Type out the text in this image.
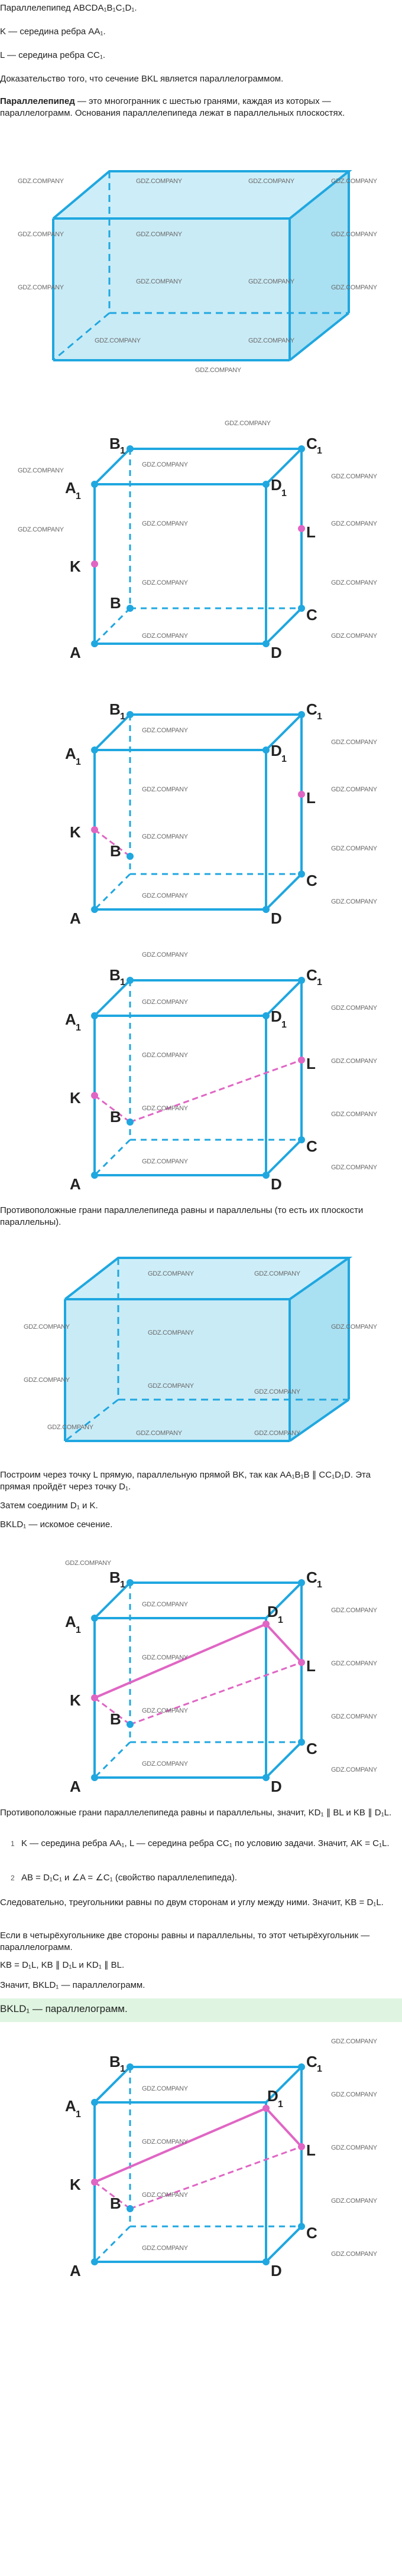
Параллелепипед ABCDA₁B₁C₁D₁.
K — середина ребра AA₁.
L — середина ребра CC₁.
Доказательство того, что сечение BKL является параллелограммом.
Параллелепипед — это многогранник с шестью гранями, каждая из которых — параллелограмм. Основания параллелепипеда лежат в параллельных плоскостях.
GDZ.COMPANY	GDZ.COMPANY	GDZ.COMPANY	GDZ.COMPANY
GDZ.COMPANY	GDZ.COMPANY	GDZ.COMPANY
GDZ.COMPANY
GDZ.COMPANY	GDZ.COMPANY
GDZ.COMPANY
GDZ.COMPANY	GDZ.COMPANY
GDZ.COMPANY
B 1	C 1
A 1
D 1
L
K
B
C
A	D
GDZ.COMPANY
GDZ.COMPANY
GDZ.COMPANY
GDZ.COMPANY
GDZ.COMPANY
GDZ.COMPANY	GDZ.COMPANY
GDZ.COMPANY	GDZ.COMPANY
GDZ.COMPANY	GDZ.COMPANY
B 1	C 1
A 1
D 1
L
K
B
C
A	D
GDZ.COMPANY
GDZ.COMPANY
GDZ.COMPANY	GDZ.COMPANY
GDZ.COMPANY
GDZ.COMPANY
GDZ.COMPANY
GDZ.COMPANY
B 1	C 1
A 1
D 1
L
K
B
C
A	D
GDZ.COMPANY
GDZ.COMPANY
GDZ.COMPANY
GDZ.COMPANY
GDZ.COMPANY
GDZ.COMPANY
GDZ.COMPANY
GDZ.COMPANY
GDZ.COMPANY
Противоположные грани параллелепипеда равны и параллельны (то есть их плоскости параллельны).
GDZ.COMPANY	GDZ.COMPANY
GDZ.COMPANY
GDZ.COMPANY
GDZ.COMPANY
GDZ.COMPANY
GDZ.COMPANY
GDZ.COMPANY
GDZ.COMPANY
GDZ.COMPANY	GDZ.COMPANY
Построим через точку L прямую, параллельную прямой BK, так как AA₁B₁B ∥ CC₁D₁D. Эта прямая пройдёт через точку D₁.
Затем соединим D₁ и K.
BKLD₁ — искомое сечение.
B 1	C 1
A 1
D 1
L
K
B
C
A	D
GDZ.COMPANY
GDZ.COMPANY
GDZ.COMPANY
GDZ.COMPANY
GDZ.COMPANY
GDZ.COMPANY
GDZ.COMPANY
GDZ.COMPANY
GDZ.COMPANY
Противоположные грани параллелепипеда равны и параллельны, значит, KD₁ ∥ BL и KB ∥ D₁L.
1 K — середина ребра AA₁, L — середина ребра CC₁ по условию задачи. Значит, AK = C₁L.
2 AB = D₁C₁ и ∠A = ∠C₁ (свойство параллелепипеда).
Следовательно, треугольники равны по двум сторонам и углу между ними. Значит, KB = D₁L.
Если в четырёхугольнике две стороны равны и параллельны, то этот четырёхугольник — параллелограмм.
KB = D₁L, KB ∥ D₁L и KD₁ ∥ BL.
Значит, BKLD₁ — параллелограмм.
BKLD₁ — параллелограмм.
B 1	C 1
A 1
D 1
L
K
B
C
A	D
GDZ.COMPANY
GDZ.COMPANY
GDZ.COMPANY
GDZ.COMPANY
GDZ.COMPANY
GDZ.COMPANY
GDZ.COMPANY
GDZ.COMPANY
GDZ.COMPANY
